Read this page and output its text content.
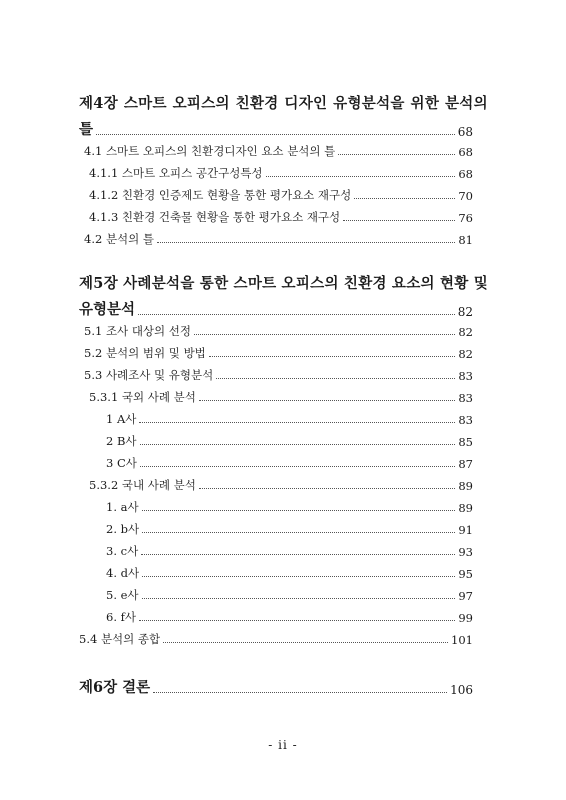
제4장 스마트 오피스의 친환경 디자인 유형분석을 위한 분석의
틀	68
4.1 스마트 오피스의 친환경디자인 요소 분석의 틀	68
4.1.1 스마트 오피스 공간구성특성	68
4.1.2 친환경 인증제도 현황을 통한 평가요소 재구성	70
4.1.3 친환경 건축물 현황을 통한 평가요소 재구성	76
4.2 분석의 틀	81
제5장 사례분석을 통한 스마트 오피스의 친환경 요소의 현황 및
유형분석	82
5.1 조사 대상의 선정	82
5.2 분석의 범위 및 방법	82
5.3 사례조사 및 유형분석	83
5.3.1 국외 사례 분석	83
1 A사	83
2 B사	85
3 C사	87
5.3.2 국내 사례 분석	89
1. a사	89
2. b사	91
3. c사	93
4. d사	95
5. e사	97
6. f사	99
5.4 분석의 종합	101
제6장 결론	106
- ii -
